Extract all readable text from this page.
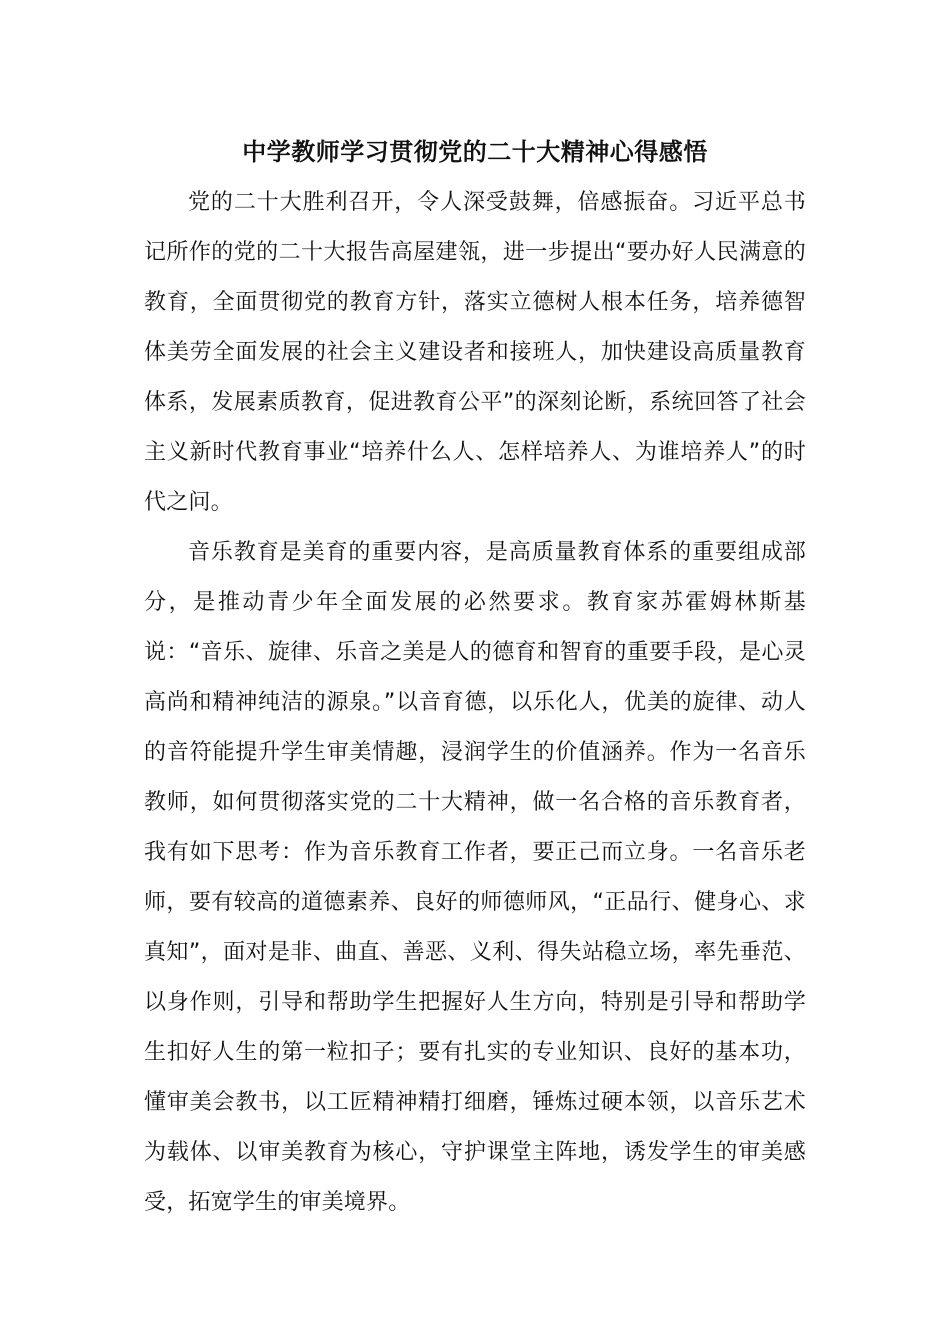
中学教师学习贯彻党的二十大精神心得感悟

党的二十大胜利召开，令人深受鼓舞，倍感振奋。习近平总书记所作的党的二十大报告高屋建瓴，进一步提出“要办好人民满意的教育，全面贯彻党的教育方针，落实立德树人根本任务，培养德智体美劳全面发展的社会主义建设者和接班人，加快建设高质量教育体系，发展素质教育，促进教育公平”的深刻论断，系统回答了社会主义新时代教育事业“培养什么人、怎样培养人、为谁培养人”的时代之问。

音乐教育是美育的重要内容，是高质量教育体系的重要组成部分，是推动青少年全面发展的必然要求。教育家苏霍姆林斯基说：“音乐、旋律、乐音之美是人的德育和智育的重要手段，是心灵高尚和精神纯洁的源泉。”以音育德，以乐化人，优美的旋律、动人的音符能提升学生审美情趣，浸润学生的价值涵养。作为一名音乐教师，如何贯彻落实党的二十大精神，做一名合格的音乐教育者，我有如下思考：作为音乐教育工作者，要正己而立身。一名音乐老师，要有较高的道德素养、良好的师德师风，“正品行、健身心、求真知”，面对是非、曲直、善恶、义利、得失站稳立场，率先垂范、以身作则，引导和帮助学生把握好人生方向，特别是引导和帮助学生扣好人生的第一粒扣子；要有扎实的专业知识、良好的基本功，懂审美会教书，以工匠精神精打细磨，锤炼过硬本领，以音乐艺术为载体、以审美教育为核心，守护课堂主阵地，诱发学生的审美感受，拓宽学生的审美境界。
